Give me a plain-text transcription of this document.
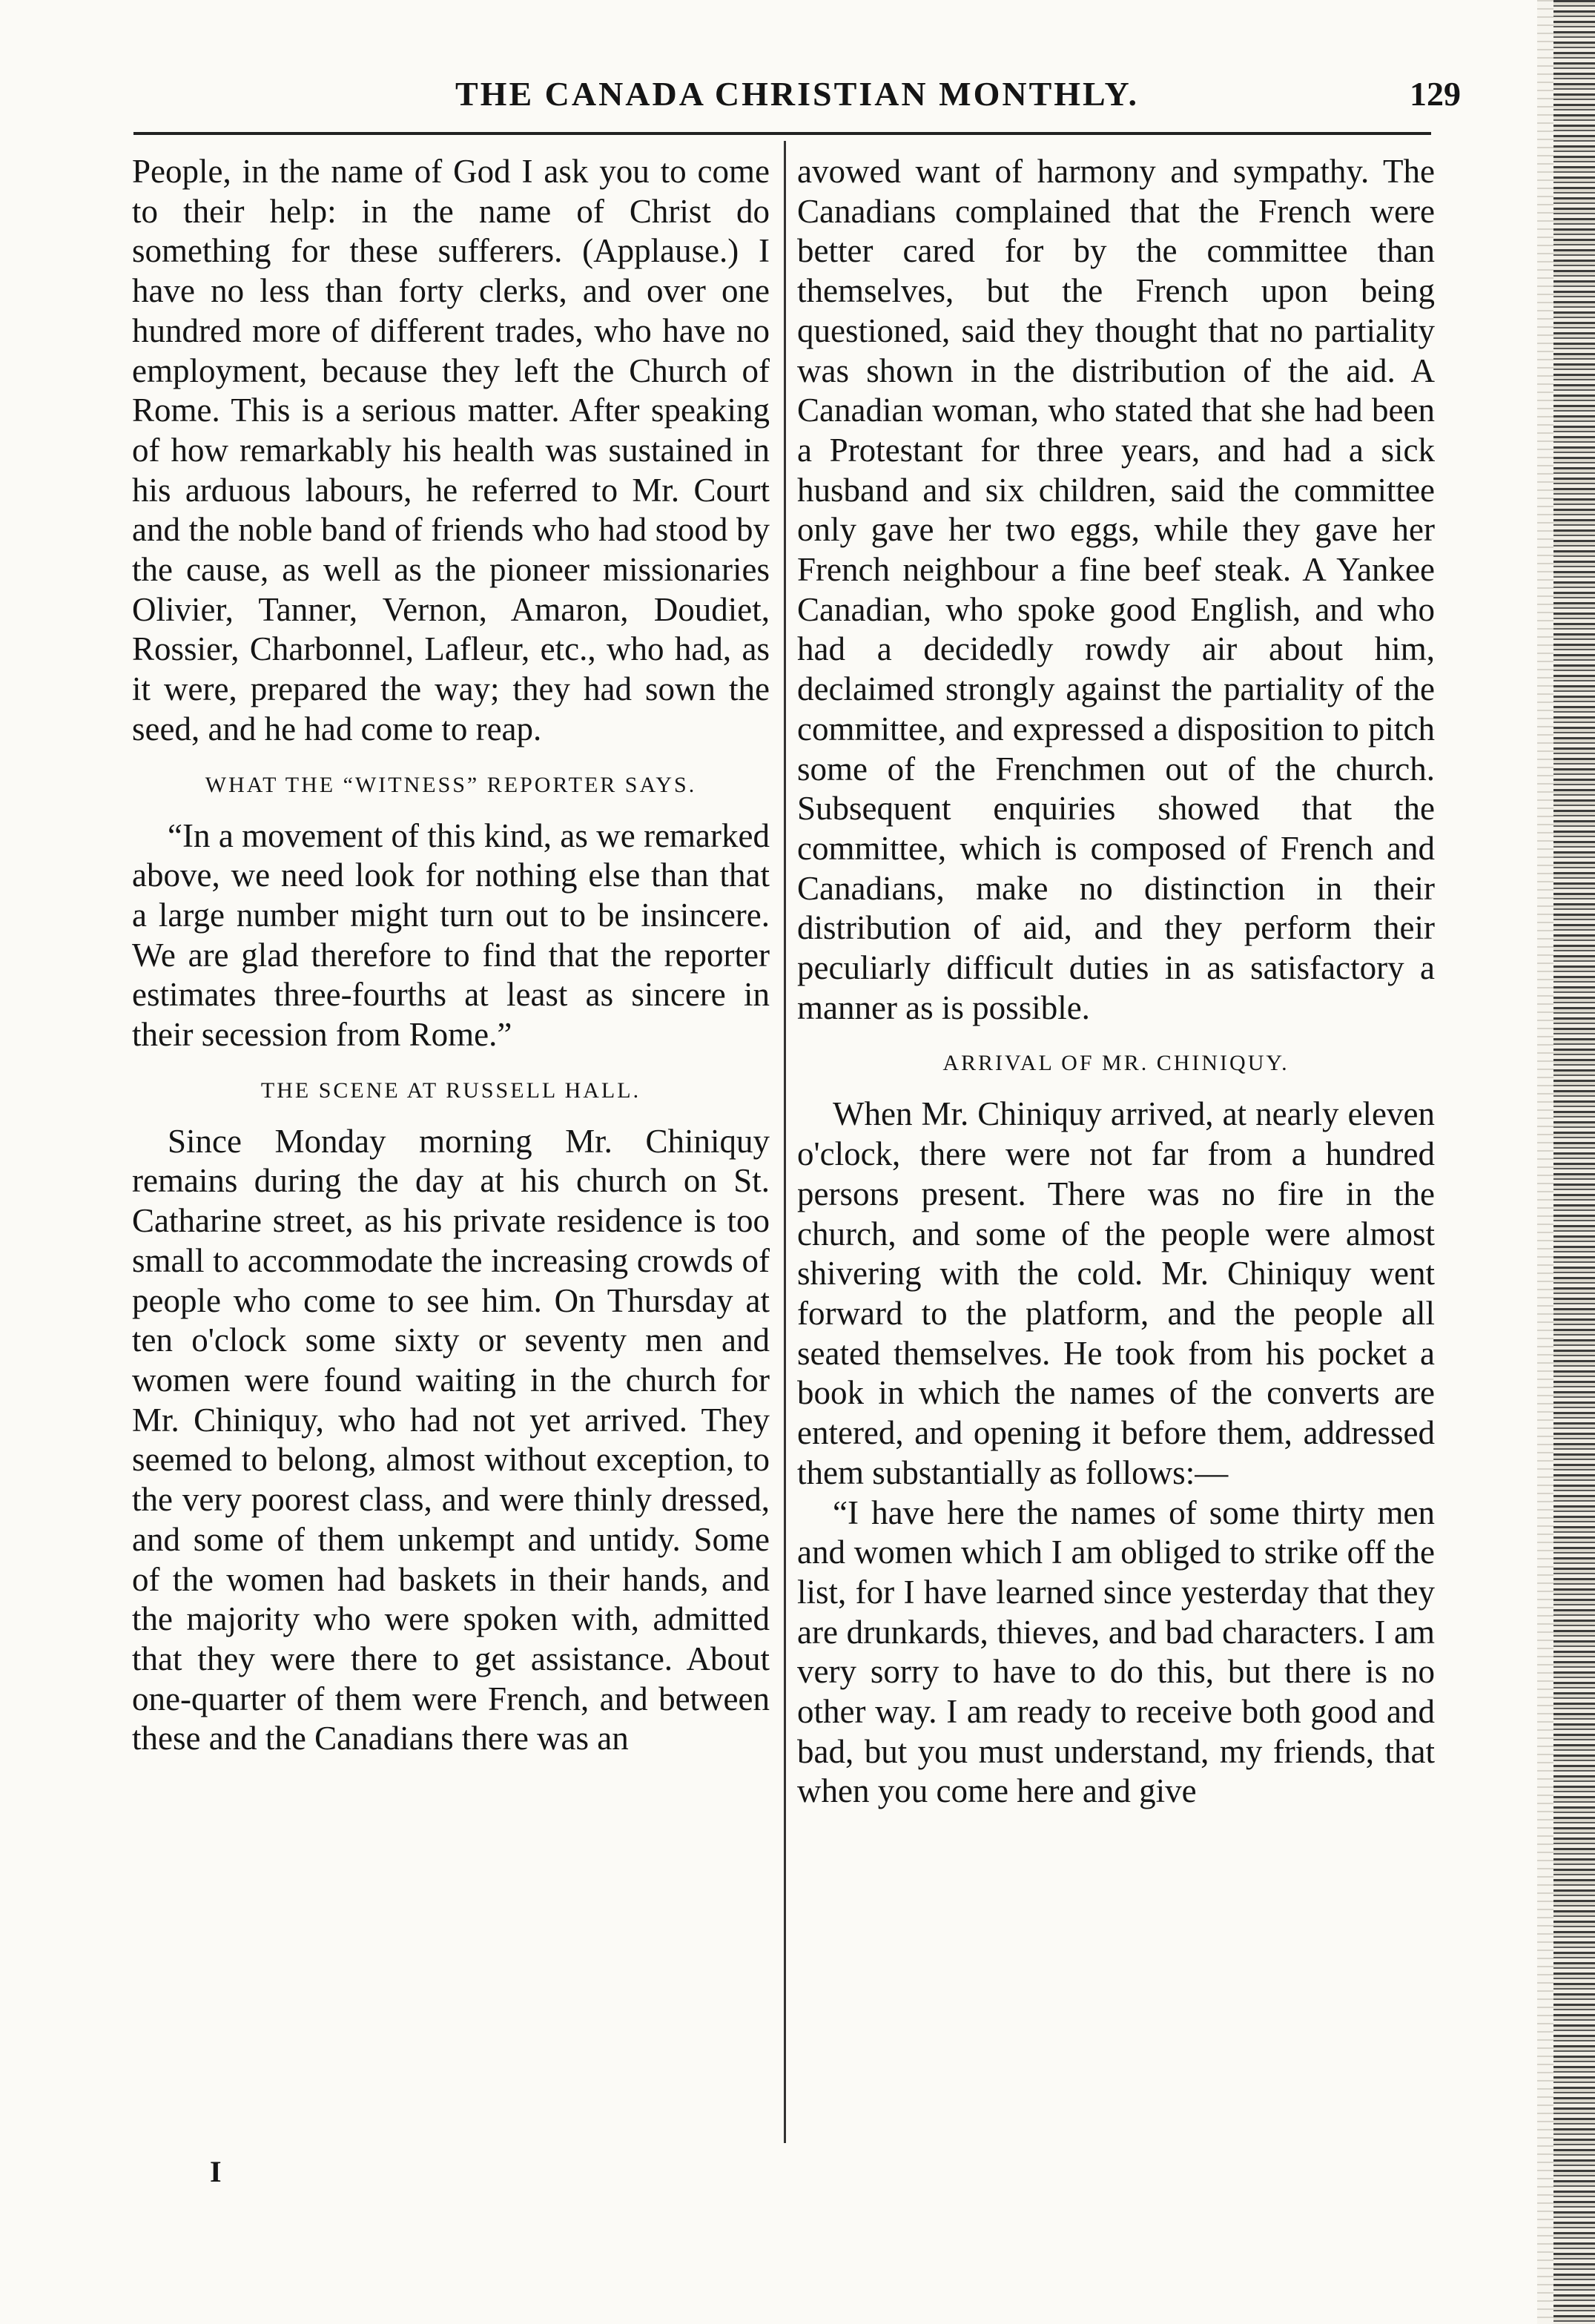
THE CANADA CHRISTIAN MONTHLY.	129

People, in the name of God I ask you to come to their help: in the name of Christ do something for these sufferers. (Applause.) I have no less than forty clerks, and over one hundred more of different trades, who have no employment, because they left the Church of Rome. This is a serious matter. After speaking of how remarkably his health was sustained in his arduous labours, he referred to Mr. Court and the noble band of friends who had stood by the cause, as well as the pioneer missionaries Olivier, Tanner, Vernon, Amaron, Doudiet, Rossier, Charbonnel, Lafleur, etc., who had, as it were, prepared the way; they had sown the seed, and he had come to reap.

WHAT THE “WITNESS” REPORTER SAYS.

“In a movement of this kind, as we remarked above, we need look for nothing else than that a large number might turn out to be insincere. We are glad therefore to find that the reporter estimates three-fourths at least as sincere in their secession from Rome.”

THE SCENE AT RUSSELL HALL.

Since Monday morning Mr. Chiniquy remains during the day at his church on St. Catharine street, as his private residence is too small to accommodate the increasing crowds of people who come to see him. On Thursday at ten o'clock some sixty or seventy men and women were found waiting in the church for Mr. Chiniquy, who had not yet arrived. They seemed to belong, almost without exception, to the very poorest class, and were thinly dressed, and some of them unkempt and untidy. Some of the women had baskets in their hands, and the majority who were spoken with, admitted that they were there to get assistance. About one-quarter of them were French, and between these and the Canadians there was an

avowed want of harmony and sympathy. The Canadians complained that the French were better cared for by the committee than themselves, but the French upon being questioned, said they thought that no partiality was shown in the distribution of the aid. A Canadian woman, who stated that she had been a Protestant for three years, and had a sick husband and six children, said the committee only gave her two eggs, while they gave her French neighbour a fine beef steak. A Yankee Canadian, who spoke good English, and who had a decidedly rowdy air about him, declaimed strongly against the partiality of the committee, and expressed a disposition to pitch some of the Frenchmen out of the church. Subsequent enquiries showed that the committee, which is composed of French and Canadians, make no distinction in their distribution of aid, and they perform their peculiarly difficult duties in as satisfactory a manner as is possible.

ARRIVAL OF MR. CHINIQUY.

When Mr. Chiniquy arrived, at nearly eleven o'clock, there were not far from a hundred persons present. There was no fire in the church, and some of the people were almost shivering with the cold. Mr. Chiniquy went forward to the platform, and the people all seated themselves. He took from his pocket a book in which the names of the converts are entered, and opening it before them, addressed them substantially as follows:—

“I have here the names of some thirty men and women which I am obliged to strike off the list, for I have learned since yesterday that they are drunkards, thieves, and bad characters. I am very sorry to have to do this, but there is no other way. I am ready to receive both good and bad, but you must understand, my friends, that when you come here and give

I
